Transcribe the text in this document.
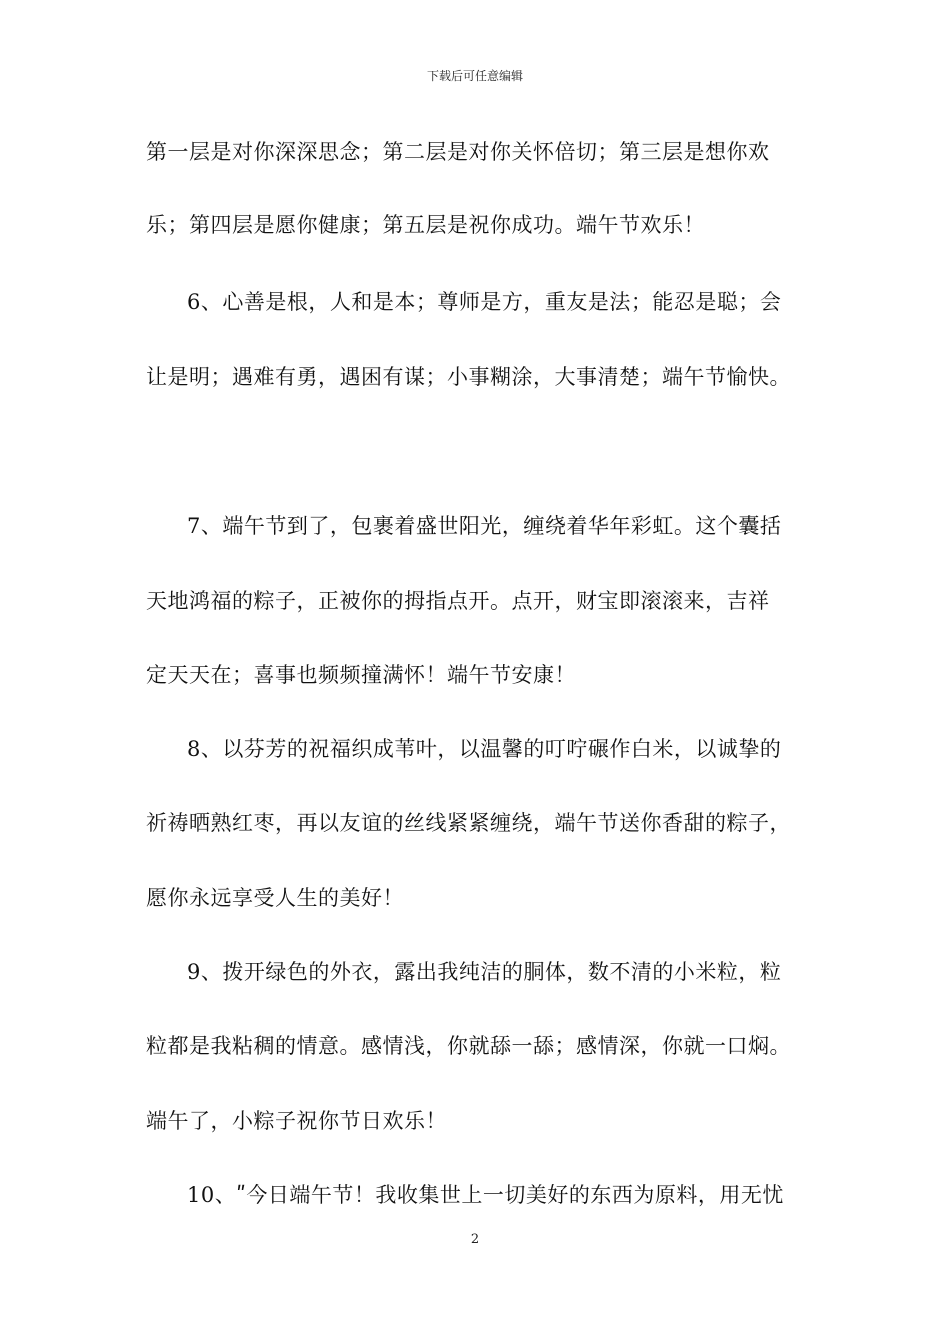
下载后可任意编辑
第一层是对你深深思念；第二层是对你关怀倍切；第三层是想你欢
乐；第四层是愿你健康；第五层是祝你成功。端午节欢乐！
6、心善是根，人和是本；尊师是方，重友是法；能忍是聪；会
让是明；遇难有勇，遇困有谋；小事糊涂，大事清楚；端午节愉快。
7、端午节到了，包裹着盛世阳光，缠绕着华年彩虹。这个囊括
天地鸿福的粽子，正被你的拇指点开。点开，财宝即滚滚来，吉祥
定天天在；喜事也频频撞满怀！端午节安康！
8、以芬芳的祝福织成苇叶，以温馨的叮咛碾作白米，以诚挚的
祈祷晒熟红枣，再以友谊的丝线紧紧缠绕，端午节送你香甜的粽子，
愿你永远享受人生的美好！
9、拨开绿色的外衣，露出我纯洁的胴体，数不清的小米粒，粒
粒都是我粘稠的情意。感情浅，你就舔一舔；感情深，你就一口焖。
端午了，小粽子祝你节日欢乐！
10、ʺ今日端午节！我收集世上一切美好的东西为原料，用无忧
2
